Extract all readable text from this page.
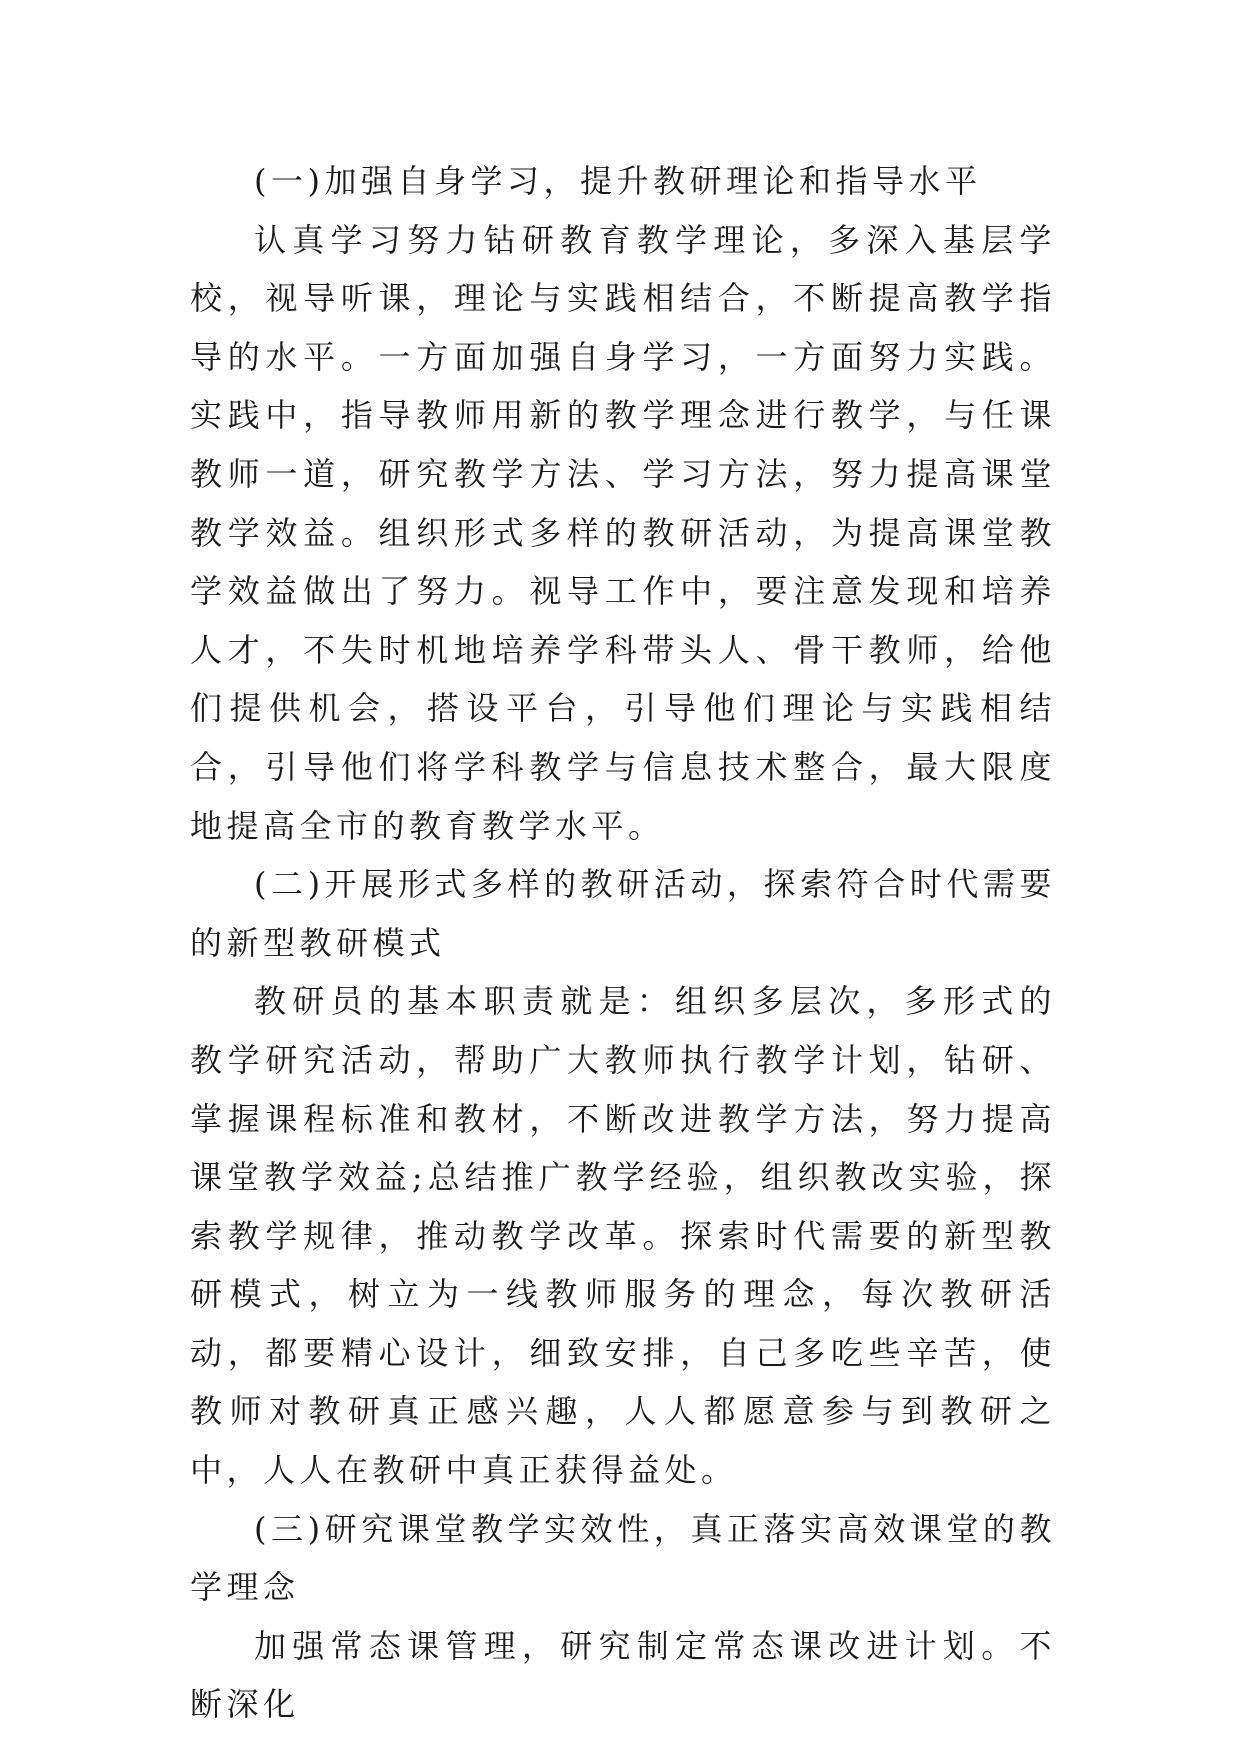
(一)加强自身学习，提升教研理论和指导水平

认真学习努力钻研教育教学理论，多深入基层学校，视导听课，理论与实践相结合，不断提高教学指导的水平。一方面加强自身学习，一方面努力实践。实践中，指导教师用新的教学理念进行教学，与任课教师一道，研究教学方法、学习方法，努力提高课堂教学效益。组织形式多样的教研活动，为提高课堂教学效益做出了努力。视导工作中，要注意发现和培养人才，不失时机地培养学科带头人、骨干教师，给他们提供机会，搭设平台，引导他们理论与实践相结合，引导他们将学科教学与信息技术整合，最大限度地提高全市的教育教学水平。

(二)开展形式多样的教研活动，探索符合时代需要的新型教研模式

教研员的基本职责就是：组织多层次，多形式的教学研究活动，帮助广大教师执行教学计划，钻研、掌握课程标准和教材，不断改进教学方法，努力提高课堂教学效益;总结推广教学经验，组织教改实验，探索教学规律，推动教学改革。探索时代需要的新型教研模式，树立为一线教师服务的理念，每次教研活动，都要精心设计，细致安排，自己多吃些辛苦，使教师对教研真正感兴趣，人人都愿意参与到教研之中，人人在教研中真正获得益处。

(三)研究课堂教学实效性，真正落实高效课堂的教学理念

加强常态课管理，研究制定常态课改进计划。不断深化
